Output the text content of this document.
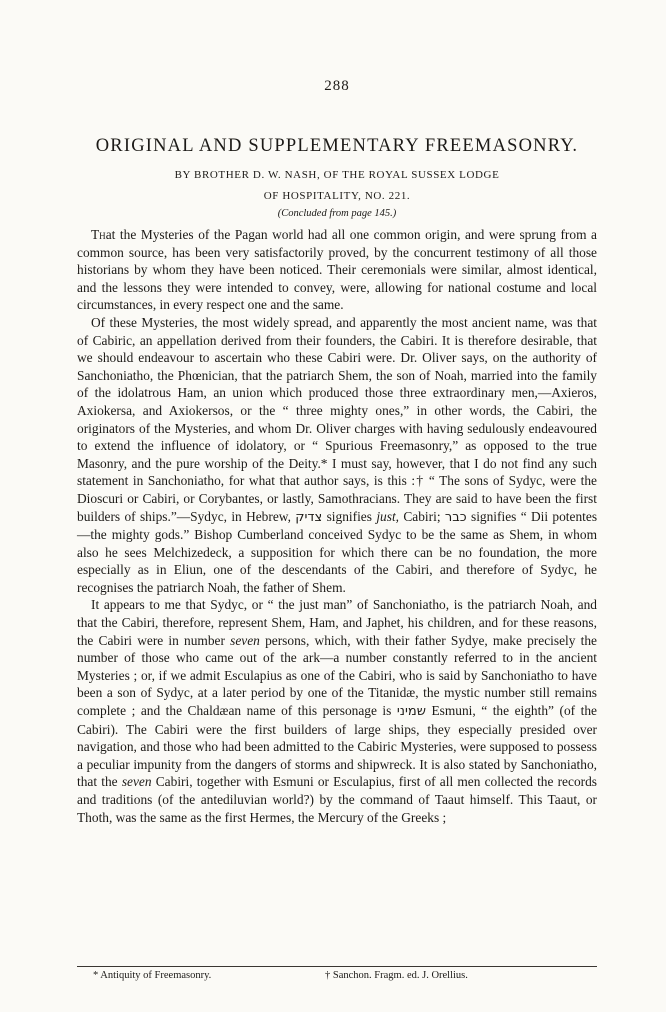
288
ORIGINAL AND SUPPLEMENTARY FREEMASONRY.
BY BROTHER D. W. NASH, OF THE ROYAL SUSSEX LODGE
OF HOSPITALITY, NO. 221.
(Concluded from page 145.)

That the Mysteries of the Pagan world had all one common origin, and were sprung from a common source, has been very satisfactorily proved, by the concurrent testimony of all those historians by whom they have been noticed. Their ceremonials were similar, almost identical, and the lessons they were intended to convey, were, allowing for national costume and local circumstances, in every respect one and the same.

Of these Mysteries, the most widely spread, and apparently the most ancient name, was that of Cabiric, an appellation derived from their founders, the Cabiri. It is therefore desirable, that we should endeavour to ascertain who these Cabiri were. Dr. Oliver says, on the authority of Sanchoniatho, the Phœnician, that the patriarch Shem, the son of Noah, married into the family of the idolatrous Ham, an union which produced those three extraordinary men,—Axieros, Axiokersa, and Axiokersos, or the “ three mighty ones,” in other words, the Cabiri, the originators of the Mysteries, and whom Dr. Oliver charges with having sedulously endeavoured to extend the influence of idolatory, or “ Spurious Freemasonry,” as opposed to the true Masonry, and the pure worship of the Deity.* I must say, however, that I do not find any such statement in Sanchoniatho, for what that author says, is this :† “ The sons of Sydyc, were the Dioscuri or Cabiri, or Corybantes, or lastly, Samothracians. They are said to have been the first builders of ships.”—Sydyc, in Hebrew, צדיק signifies just, Cabiri; כבר signifies “ Dii potentes—the mighty gods.” Bishop Cumberland conceived Sydyc to be the same as Shem, in whom also he sees Melchizedeck, a supposition for which there can be no foundation, the more especially as in Eliun, one of the descendants of the Cabiri, and therefore of Sydyc, he recognises the patriarch Noah, the father of Shem.

It appears to me that Sydyc, or “ the just man” of Sanchoniatho, is the patriarch Noah, and that the Cabiri, therefore, represent Shem, Ham, and Japhet, his children, and for these reasons, the Cabiri were in number seven persons, which, with their father Sydye, make precisely the number of those who came out of the ark—a number constantly referred to in the ancient Mysteries ; or, if we admit Esculapius as one of the Cabiri, who is said by Sanchoniatho to have been a son of Sydyc, at a later period by one of the Titanidæ, the mystic number still remains complete ; and the Chaldæan name of this personage is שמיני Esmuni, “ the eighth” (of the Cabiri). The Cabiri were the first builders of large ships, they especially presided over navigation, and those who had been admitted to the Cabiric Mysteries, were supposed to possess a peculiar impunity from the dangers of storms and shipwreck. It is also stated by Sanchoniatho, that the seven Cabiri, together with Esmuni or Esculapius, first of all men collected the records and traditions (of the antediluvian world?) by the command of Taaut himself. This Taaut, or Thoth, was the same as the first Hermes, the Mercury of the Greeks ;

* Antiquity of Freemasonry.	† Sanchon. Fragm. ed. J. Orellius.
